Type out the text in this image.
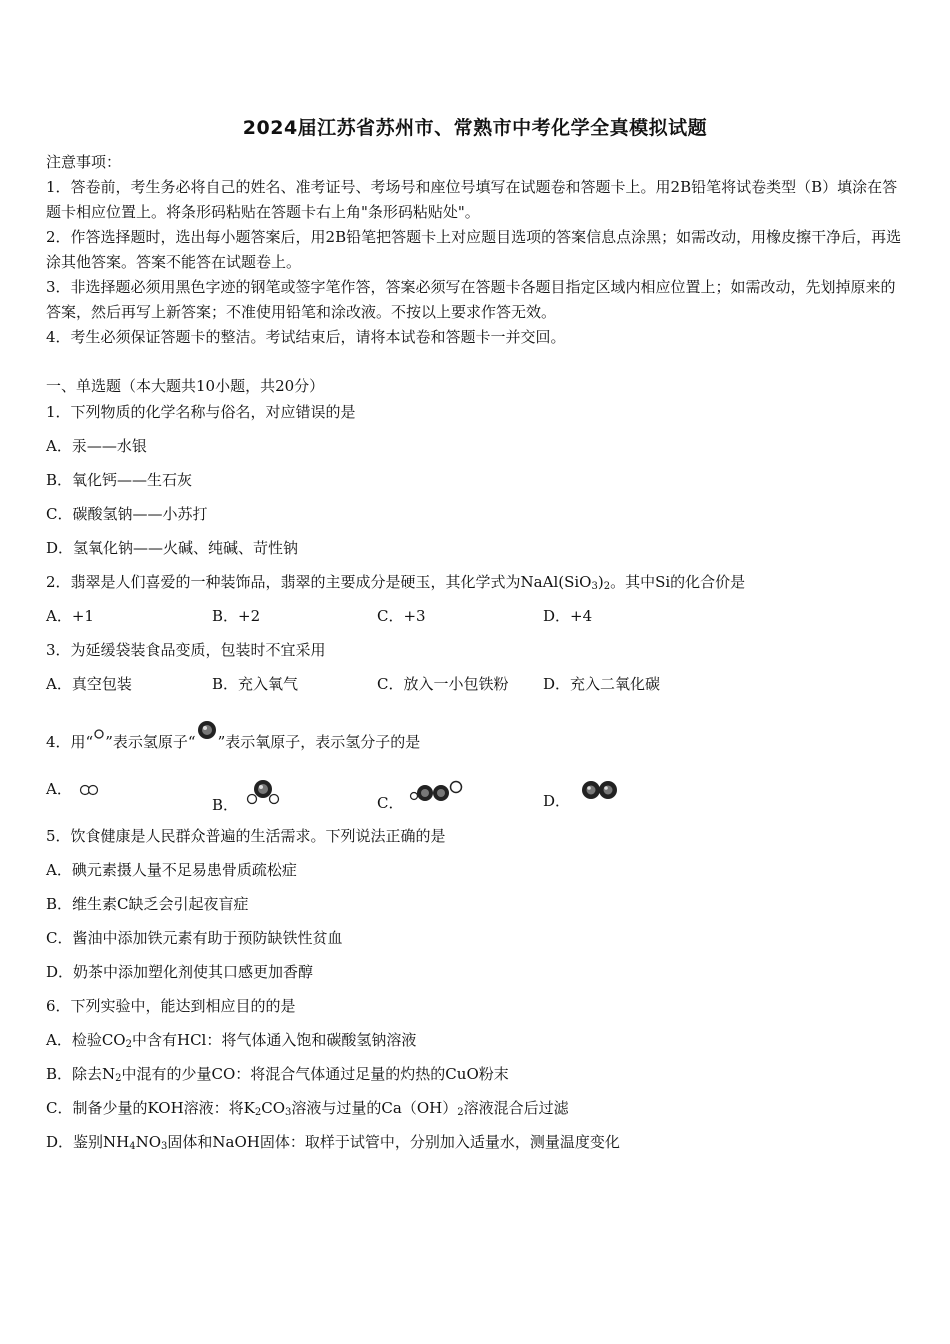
2024届江苏省苏州市、常熟市中考化学全真模拟试题

注意事项：

1．答卷前，考生务必将自己的姓名、准考证号、考场号和座位号填写在试题卷和答题卡上。用2B铅笔将试卷类型（B）填涂在答题卡相应位置上。将条形码粘贴在答题卡右上角"条形码粘贴处"。

2．作答选择题时，选出每小题答案后，用2B铅笔把答题卡上对应题目选项的答案信息点涂黑；如需改动，用橡皮擦干净后，再选涂其他答案。答案不能答在试题卷上。

3．非选择题必须用黑色字迹的钢笔或签字笔作答，答案必须写在答题卡各题目指定区域内相应位置上；如需改动，先划掉原来的答案，然后再写上新答案；不准使用铅笔和涂改液。不按以上要求作答无效。

4．考生必须保证答题卡的整洁。考试结束后，请将本试卷和答题卡一并交回。

一、单选题（本大题共10小题，共20分）
1．下列物质的化学名称与俗名，对应错误的是
A．汞——水银
B．氧化钙——生石灰
C．碳酸氢钠——小苏打
D．氢氧化钠——火碱、纯碱、苛性钠
2．翡翠是人们喜爱的一种装饰品，翡翠的主要成分是硬玉，其化学式为$NaAl(SiO_3)_2$。其中Si的化合价是
A．+1	B．+2	C．+3	D．+4
3．为延缓袋装食品变质，包装时不宜采用
A．真空包装	B．充入氧气	C．放入一小包铁粉 D．充入二氧化碳
4．用“ ”表示氢原子“ ”表示氧原子，表示氢分子的是
A．
B．	C．	D．
5．饮食健康是人民群众普遍的生活需求。下列说法正确的是
A．碘元素摄人量不足易患骨质疏松症
B．维生素C缺乏会引起夜盲症
C．酱油中添加铁元素有助于预防缺铁性贫血
D．奶茶中添加塑化剂使其口感更加香醇
6．下列实验中，能达到相应目的的是
A．检验$CO_2$中含有HCl：将气体通入饱和碳酸氢钠溶液
B．除去$N_2$中混有的少量CO：将混合气体通过足量的灼热的CuO粉末
C．制备少量的KOH溶液：将$K_2CO_3$溶液与过量的$Ca(OH)_2$溶液混合后过滤
D．鉴别$NH_4NO_3$固体和NaOH固体：取样于试管中，分别加入适量水，测量温度变化
